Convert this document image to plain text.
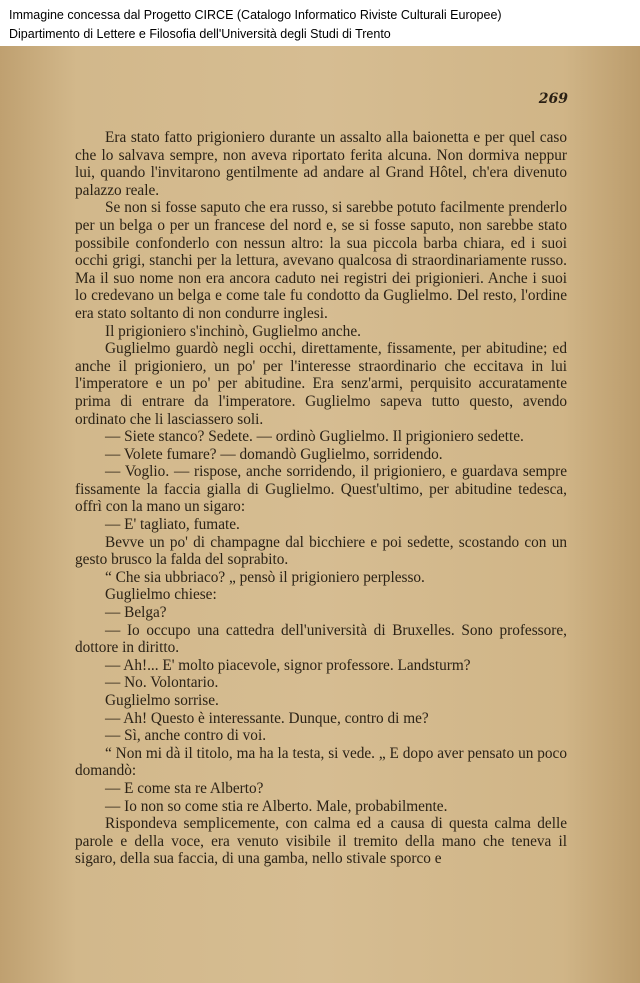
Immagine concessa dal Progetto CIRCE (Catalogo Informatico Riviste Culturali Europee)
Dipartimento di Lettere e Filosofia dell'Università degli Studi di Trento
269

Era stato fatto prigioniero durante un assalto alla baionetta e per quel caso che lo salvava sempre, non aveva riportato ferita alcuna. Non dormiva neppur lui, quando l'invitarono gentilmente ad andare al Grand Hôtel, ch'era divenuto palazzo reale.

Se non si fosse saputo che era russo, si sarebbe potuto facilmente prenderlo per un belga o per un francese del nord e, se si fosse saputo, non sarebbe stato possibile confonderlo con nessun altro: la sua piccola barba chiara, ed i suoi occhi grigi, stanchi per la lettura, avevano qualcosa di straordinariamente russo. Ma il suo nome non era ancora caduto nei registri dei prigionieri. Anche i suoi lo credevano un belga e come tale fu condotto da Guglielmo. Del resto, l'ordine era stato soltanto di non condurre inglesi.

Il prigioniero s'inchinò, Guglielmo anche.

Guglielmo guardò negli occhi, direttamente, fissamente, per abitudine; ed anche il prigioniero, un po' per l'interesse straordinario che eccitava in lui l'imperatore e un po' per abitudine. Era senz'armi, perquisito accuratamente prima di entrare da l'imperatore. Guglielmo sapeva tutto questo, avendo ordinato che li lasciassero soli.

— Siete stanco? Sedete. — ordinò Guglielmo. Il prigioniero sedette.

— Volete fumare? — domandò Guglielmo, sorridendo.

— Voglio. — rispose, anche sorridendo, il prigioniero, e guardava sempre fissamente la faccia gialla di Guglielmo. Quest'ultimo, per abitudine tedesca, offrì con la mano un sigaro:

— E' tagliato, fumate.

Bevve un po' di champagne dal bicchiere e poi sedette, scostando con un gesto brusco la falda del soprabito.

“ Che sia ubbriaco? „ pensò il prigioniero perplesso.

Guglielmo chiese:

— Belga?

— Io occupo una cattedra dell'università di Bruxelles. Sono professore, dottore in diritto.

— Ah!... E' molto piacevole, signor professore. Landsturm?

— No. Volontario.

Guglielmo sorrise.

— Ah! Questo è interessante. Dunque, contro di me?

— Sì, anche contro di voi.

“ Non mi dà il titolo, ma ha la testa, si vede. „ E dopo aver pensato un poco domandò:

— E come sta re Alberto?

— Io non so come stia re Alberto. Male, probabilmente.

Rispondeva semplicemente, con calma ed a causa di questa calma delle parole e della voce, era venuto visibile il tremito della mano che teneva il sigaro, della sua faccia, di una gamba, nello stivale sporco e
